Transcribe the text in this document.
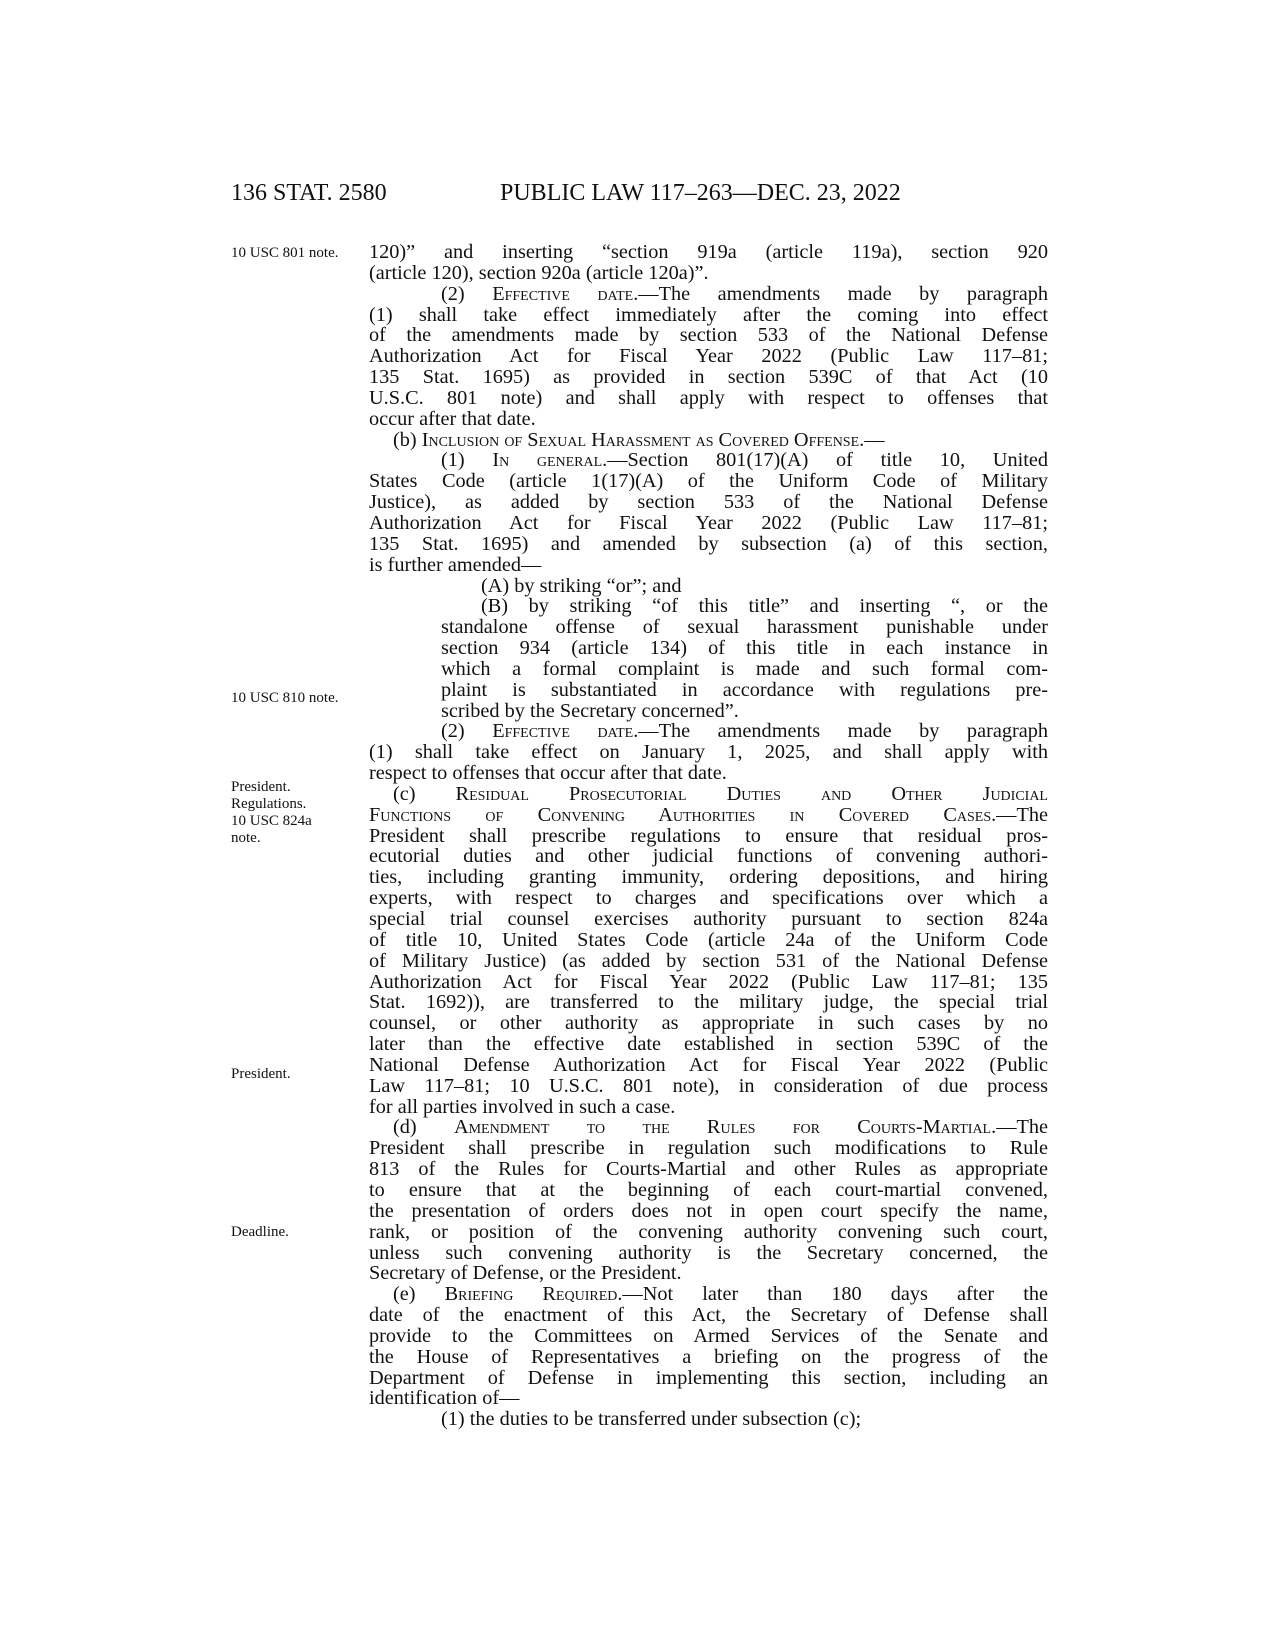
136 STAT. 2580	PUBLIC LAW 117–263—DEC. 23, 2022
10 USC 801 note.
10 USC 810 note.
President.
Regulations.
10 USC 824a
note.
President.
Deadline.
120)” and inserting “section 919a (article 119a), section 920
(article 120), section 920a (article 120a)”.
(2) Effective date.—The amendments made by paragraph
(1) shall take effect immediately after the coming into effect
of the amendments made by section 533 of the National Defense
Authorization Act for Fiscal Year 2022 (Public Law 117–81;
135 Stat. 1695) as provided in section 539C of that Act (10
U.S.C. 801 note) and shall apply with respect to offenses that
occur after that date.
(b) Inclusion of Sexual Harassment as Covered Offense.—
(1) In general.—Section 801(17)(A) of title 10, United
States Code (article 1(17)(A) of the Uniform Code of Military
Justice), as added by section 533 of the National Defense
Authorization Act for Fiscal Year 2022 (Public Law 117–81;
135 Stat. 1695) and amended by subsection (a) of this section,
is further amended—
(A) by striking “or”; and
(B) by striking “of this title” and inserting “, or the
standalone offense of sexual harassment punishable under
section 934 (article 134) of this title in each instance in
which a formal complaint is made and such formal com-
plaint is substantiated in accordance with regulations pre-
scribed by the Secretary concerned”.
(2) Effective date.—The amendments made by paragraph
(1) shall take effect on January 1, 2025, and shall apply with
respect to offenses that occur after that date.
(c) Residual Prosecutorial Duties and Other Judicial
Functions of Convening Authorities in Covered Cases.—The
President shall prescribe regulations to ensure that residual pros-
ecutorial duties and other judicial functions of convening authori-
ties, including granting immunity, ordering depositions, and hiring
experts, with respect to charges and specifications over which a
special trial counsel exercises authority pursuant to section 824a
of title 10, United States Code (article 24a of the Uniform Code
of Military Justice) (as added by section 531 of the National Defense
Authorization Act for Fiscal Year 2022 (Public Law 117–81; 135
Stat. 1692)), are transferred to the military judge, the special trial
counsel, or other authority as appropriate in such cases by no
later than the effective date established in section 539C of the
National Defense Authorization Act for Fiscal Year 2022 (Public
Law 117–81; 10 U.S.C. 801 note), in consideration of due process
for all parties involved in such a case.
(d) Amendment to the Rules for Courts-Martial.—The
President shall prescribe in regulation such modifications to Rule
813 of the Rules for Courts-Martial and other Rules as appropriate
to ensure that at the beginning of each court-martial convened,
the presentation of orders does not in open court specify the name,
rank, or position of the convening authority convening such court,
unless such convening authority is the Secretary concerned, the
Secretary of Defense, or the President.
(e) Briefing Required.—Not later than 180 days after the
date of the enactment of this Act, the Secretary of Defense shall
provide to the Committees on Armed Services of the Senate and
the House of Representatives a briefing on the progress of the
Department of Defense in implementing this section, including an
identification of—
(1) the duties to be transferred under subsection (c);
